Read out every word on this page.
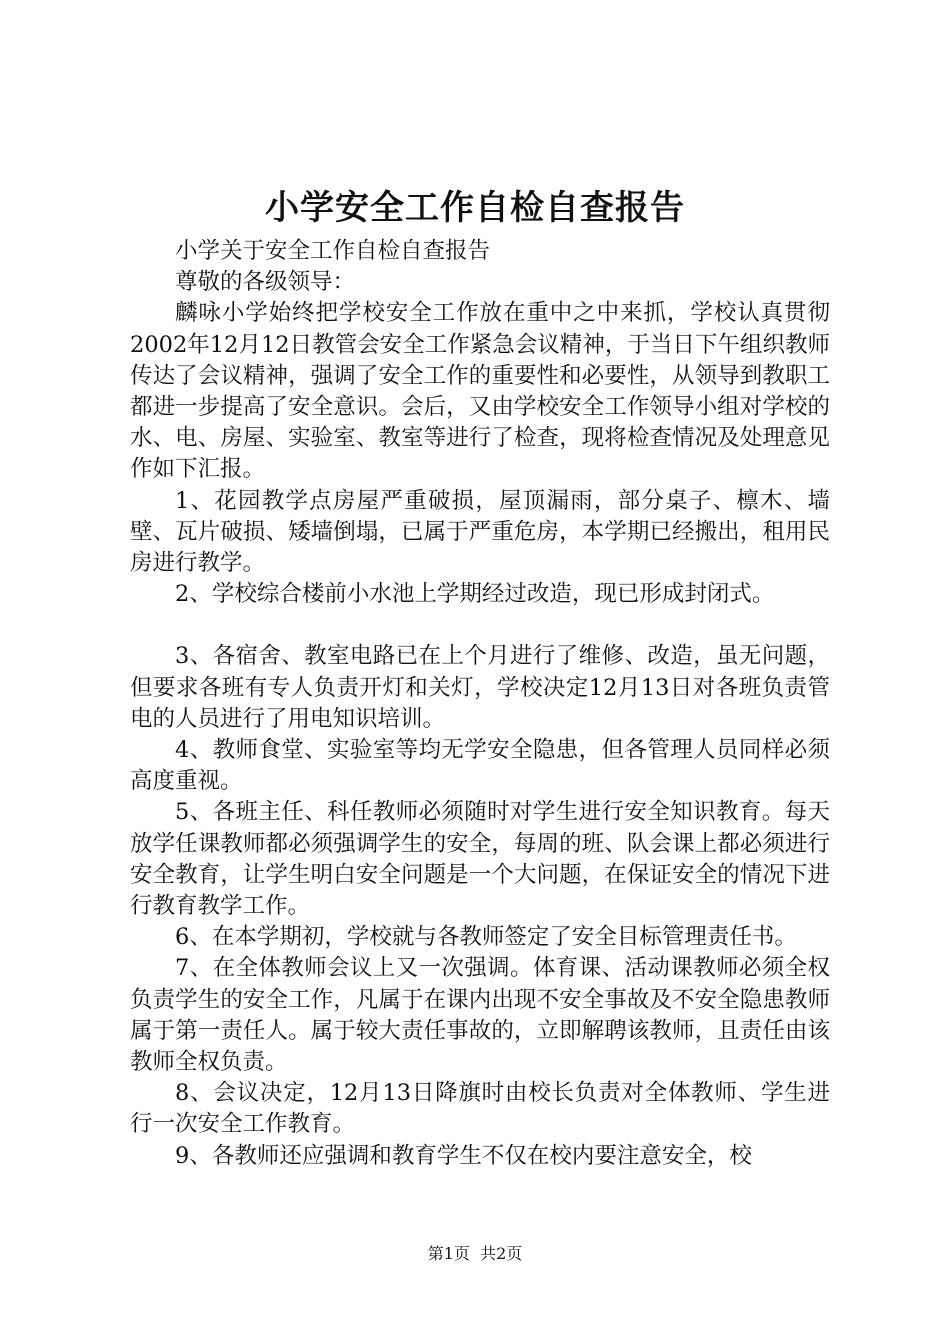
小学安全工作自检自查报告

小学关于安全工作自检自查报告

尊敬的各级领导：

麟咏小学始终把学校安全工作放在重中之中来抓，学校认真贯彻2002年12月12日教管会安全工作紧急会议精神，于当日下午组织教师传达了会议精神，强调了安全工作的重要性和必要性，从领导到教职工都进一步提高了安全意识。会后，又由学校安全工作领导小组对学校的水、电、房屋、实验室、教室等进行了检查，现将检查情况及处理意见作如下汇报。

1、花园教学点房屋严重破损，屋顶漏雨，部分桌子、檩木、墙壁、瓦片破损、矮墙倒塌，已属于严重危房，本学期已经搬出，租用民房进行教学。

2、学校综合楼前小水池上学期经过改造，现已形成封闭式。

3、各宿舍、教室电路已在上个月进行了维修、改造，虽无问题，但要求各班有专人负责开灯和关灯，学校决定12月13日对各班负责管电的人员进行了用电知识培训。

4、教师食堂、实验室等均无学安全隐患，但各管理人员同样必须高度重视。

5、各班主任、科任教师必须随时对学生进行安全知识教育。每天放学任课教师都必须强调学生的安全，每周的班、队会课上都必须进行安全教育，让学生明白安全问题是一个大问题，在保证安全的情况下进行教育教学工作。

6、在本学期初，学校就与各教师签定了安全目标管理责任书。

7、在全体教师会议上又一次强调。体育课、活动课教师必须全权负责学生的安全工作，凡属于在课内出现不安全事故及不安全隐患教师属于第一责任人。属于较大责任事故的，立即解聘该教师，且责任由该教师全权负责。

8、会议决定，12月13日降旗时由校长负责对全体教师、学生进行一次安全工作教育。

9、各教师还应强调和教育学生不仅在校内要注意安全，校

第1页  共2页
